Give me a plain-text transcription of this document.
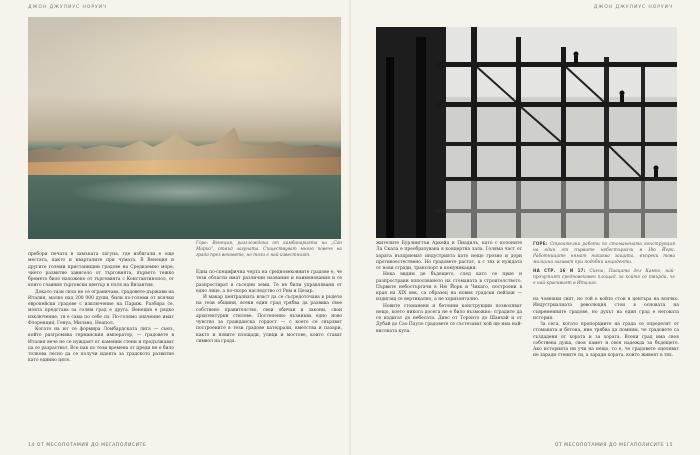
ДЖОН ДЖУЛИУС НОРУИЧ
Горе: Венеция, разглеждана от камбанарията на „Сан Марко“, отвъд лагуната. Съществуват много повече на града през вековете, но този е най-известният.

пребори печата в замъката лагуна, где избягали е още местата, както и кварталите при чумата. В Венеция и другите големи пристанищни градове на Средиземно море, чието развитие зависело от търговията, първото тежко бремето било наложено от търговията с Константинопол, от които главния търговски център и пътя на Византия.

Докато тази сила не се ограничава, градовете-държави на Италия, малко над 200 000 души, били по-големи от всички европейски градове с изключение на Париж. Разбира се, моята представа за голям град е друга. Венеция е рядко изключение; тя е сама по себе си. По-голямо значение имат Флоренция, Генуа, Милано, Неапол.

Когато на юг се формира Ломбардската лига — съюз, който разгромява германския император, — градовете в Италия вече не се нуждаят от каменни стени и продължават да се разрастват. Все пак по тези времена от преди не е било толкова лесно да се получи идеята за градското развитие като единно цяло.

Една по-специфична черта на средновековните градове е, че тези области имат различни названия и наименования и се разпростират в съседни земи. Те не били управлявани от едно лице, а по-скоро наследство от Рим и Цезар.

И макар централната власт да се съсредоточава в ръцете на тези общини, всеки един град трябва да развива свое собствено правителство, свои обичаи и закони, свои архитектурни стилове. Постепенно възниква едно ново чувство за гражданска гордост — с което се свързват построените в тези градове катедрали, кметства и пазари, както и новите площади, улици и мостове, които стават символ на града.

14 ОТ МЕСОПОТАМИЯ ДО МЕГАПОЛИСИТЕ
ДЖОН ДЖУЛИУС НОРУИЧ

жителите Бурлингтън Аркейд и Пиадилъ, като с колоните Ла Скала е преобразувана в концертна зала. Голяма част от хората възприемат индустрията като нещо грозно и дори противоестествено. Но градовете растат, а с тях и нуждата от нови сгради, транспорт и комуникации.

Нека видим де бъдещето, след като се прие и разпространи използването на стоманата в строителството. Първите небостъргачи в Ню Йорк и Чикаго, построени в края на XIX век, са образец на новия градски пейзаж — издигащ се вертикално, а не хоризонтално.

Новите стоманени и бетонни конструкции позволяват нещо, което никога досега не е било възможно: сградите да се издигат до небесата. Днес от Торонто до Шанхай и от Дубай до Сао Пауло градовете се състезават кой ще има най-високата кула.

ГОРЕ: Строителни работи по стоманената конструкция на един от първите небостъргачи в Ню Йорк. Работниците нямат никаква защита, въпреки това малцина загиват при подобни инциденти.

НА СТР. 16 И 17: Сиена, Пиацата дел Кампо, най-прочутият средновековен площад, за който се твърди, че е най-красивият в Италия.

на човешки свят, но той е който стои в центъра на всичко. Индустриалната революция стои в основата на съвременните градове, но духът на един град е неговата история.

За сега, когато пропорциите на града се определят от стоманата и бетона, ние трябва да помним, че градовете са създадени от хората и за хората. Всеки град има своя собствена душа, своя памет и своя надежда за бъдещето. Ако историята ни учи на нещо, то е, че градовете оцеляват не заради стените си, а заради хората, които живеят в тях.

ОТ МЕСОПОТАМИЯ ДО МЕГАПОЛИСИТЕ 15
